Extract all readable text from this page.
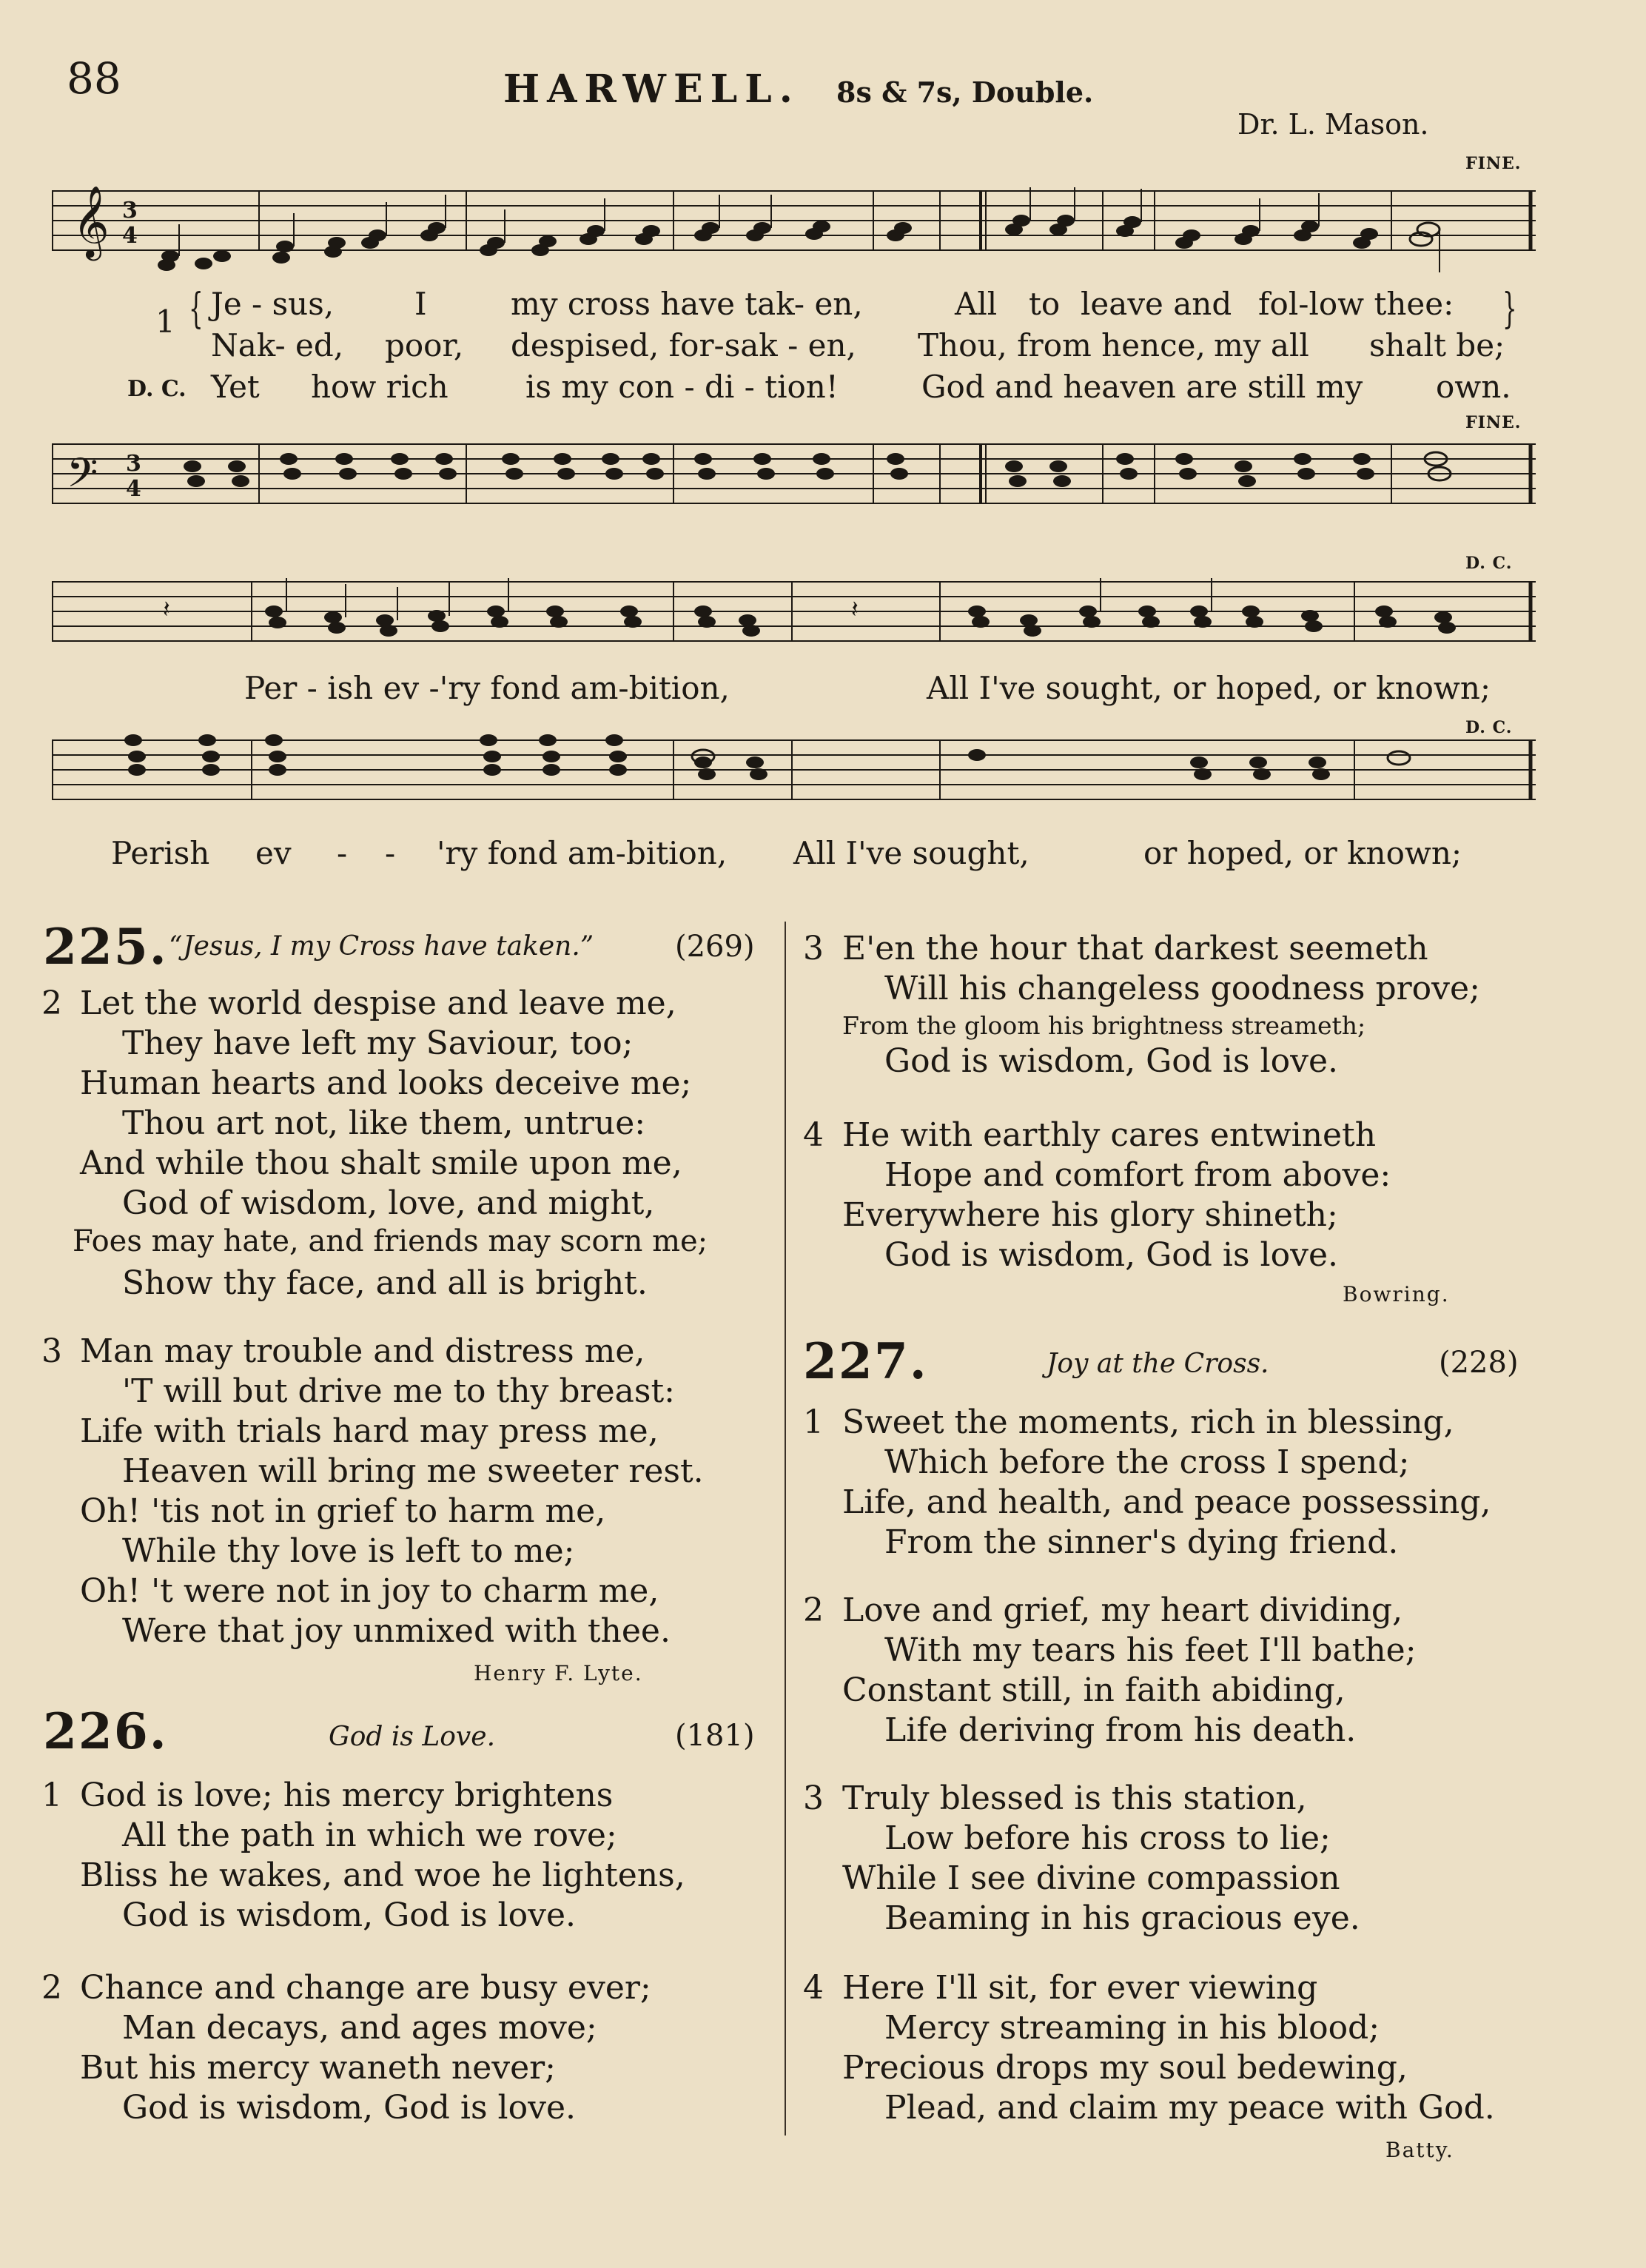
88	HARWELL. 8s & 7s, Double.
Dr. L. Mason.
𝄞 3
4
FINE.
FINE.
D. C.
D. C.
1 {	}
Je - sus,	I	my cross have tak- en,	All to leave and fol-low thee:
Nak- ed, poor, despised, for-sak - en, Thou, from hence, my all shalt be;
D. C. Yet how rich is my con - di - tion!	God and heaven are still my own.
𝄢 3
4
𝄽	𝄽
Per - ish ev -'ry fond am-bition,	All I've sought, or hoped, or known;
Perish ev - - 'ry fond am-bition, All I've sought,	or hoped, or known;
225. “Jesus, I my Cross have taken.”	(269)
2 Let the world despise and leave me,
They have left my Saviour, too;
Human hearts and looks deceive me;
Thou art not, like them, untrue:
And while thou shalt smile upon me,
God of wisdom, love, and might,
Foes may hate, and friends may scorn me;
Show thy face, and all is bright.
3 Man may trouble and distress me,
'T will but drive me to thy breast:
Life with trials hard may press me,
Heaven will bring me sweeter rest.
Oh! 'tis not in grief to harm me,
While thy love is left to me;
Oh! 't were not in joy to charm me,
Were that joy unmixed with thee.
Henry F. Lyte.
226.	God is Love.	(181)
1 God is love; his mercy brightens
All the path in which we rove;
Bliss he wakes, and woe he lightens,
God is wisdom, God is love.
2 Chance and change are busy ever;
Man decays, and ages move;
But his mercy waneth never;
God is wisdom, God is love.
3 E'en the hour that darkest seemeth
Will his changeless goodness prove;
From the gloom his brightness streameth;
God is wisdom, God is love.
4 He with earthly cares entwineth
Hope and comfort from above:
Everywhere his glory shineth;
God is wisdom, God is love.
Bowring.
227.	Joy at the Cross.	(228)
1 Sweet the moments, rich in blessing,
Which before the cross I spend;
Life, and health, and peace possessing,
From the sinner's dying friend.
2 Love and grief, my heart dividing,
With my tears his feet I'll bathe;
Constant still, in faith abiding,
Life deriving from his death.
3 Truly blessed is this station,
Low before his cross to lie;
While I see divine compassion
Beaming in his gracious eye.
4 Here I'll sit, for ever viewing
Mercy streaming in his blood;
Precious drops my soul bedewing,
Plead, and claim my peace with God.
Batty.
